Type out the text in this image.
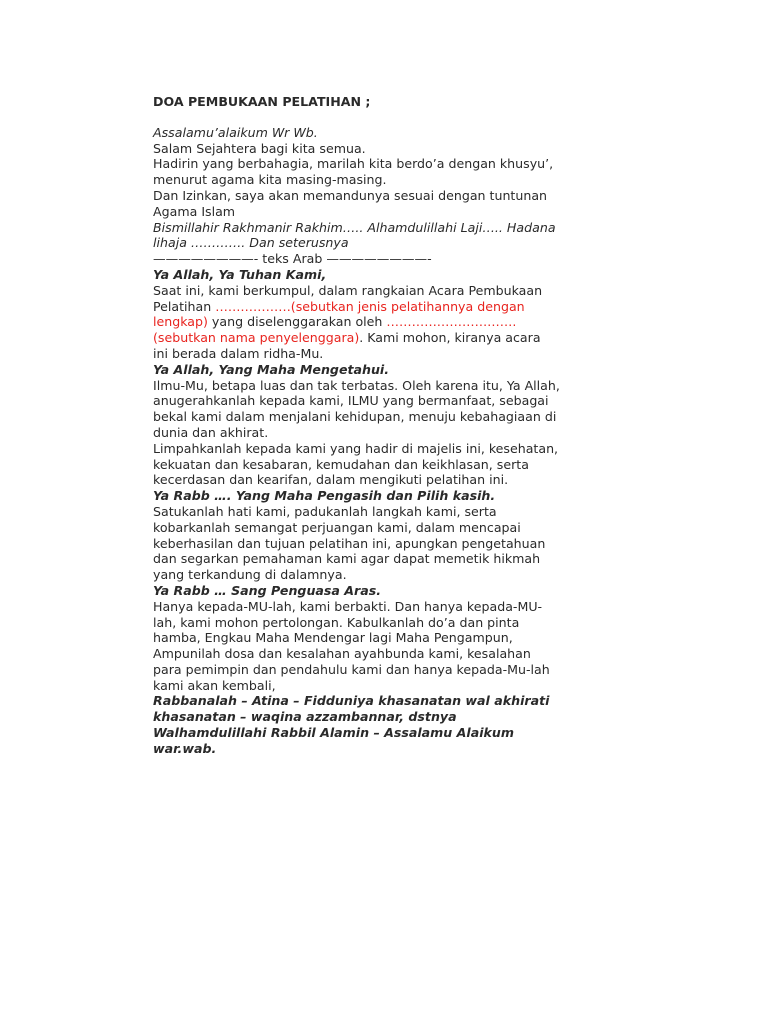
DOA PEMBUKAAN PELATIHAN ;
Assalamu’alaikum Wr Wb.
Salam Sejahtera bagi kita semua.
Hadirin yang berbahagia, marilah kita berdo’a dengan khusyu’,
menurut agama kita masing-masing.
Dan Izinkan, saya akan memandunya sesuai dengan tuntunan
Agama Islam
Bismillahir Rakhmanir Rakhim….. Alhamdulillahi Laji….. Hadana
lihaja …………. Dan seterusnya
————————- teks Arab ————————-
Ya Allah, Ya Tuhan Kami,
Saat ini, kami berkumpul, dalam rangkaian Acara Pembukaan
Pelatihan ………………(sebutkan jenis pelatihannya dengan
lengkap) yang diselenggarakan oleh ………………………….
(sebutkan nama penyelenggara). Kami mohon, kiranya acara
ini berada dalam ridha-Mu.
Ya Allah, Yang Maha Mengetahui.
Ilmu-Mu, betapa luas dan tak terbatas. Oleh karena itu, Ya Allah,
anugerahkanlah kepada kami, ILMU yang bermanfaat, sebagai
bekal kami dalam menjalani kehidupan, menuju kebahagiaan di
dunia dan akhirat.
Limpahkanlah kepada kami yang hadir di majelis ini, kesehatan,
kekuatan dan kesabaran, kemudahan dan keikhlasan, serta
kecerdasan dan kearifan, dalam mengikuti pelatihan ini.
Ya Rabb …. Yang Maha Pengasih dan Pilih kasih.
Satukanlah hati kami, padukanlah langkah kami, serta
kobarkanlah semangat perjuangan kami, dalam mencapai
keberhasilan dan tujuan pelatihan ini, apungkan pengetahuan
dan segarkan pemahaman kami agar dapat memetik hikmah
yang terkandung di dalamnya.
Ya Rabb … Sang Penguasa Aras.
Hanya kepada-MU-lah, kami berbakti. Dan hanya kepada-MU-
lah, kami mohon pertolongan. Kabulkanlah do’a dan pinta
hamba, Engkau Maha Mendengar lagi Maha Pengampun,
Ampunilah dosa dan kesalahan ayahbunda kami, kesalahan
para pemimpin dan pendahulu kami dan hanya kepada-Mu-lah
kami akan kembali,
Rabbanalah – Atina – Fidduniya khasanatan wal akhirati
khasanatan – waqina azzambannar, dstnya
Walhamdulillahi Rabbil Alamin – Assalamu Alaikum
war.wab.
